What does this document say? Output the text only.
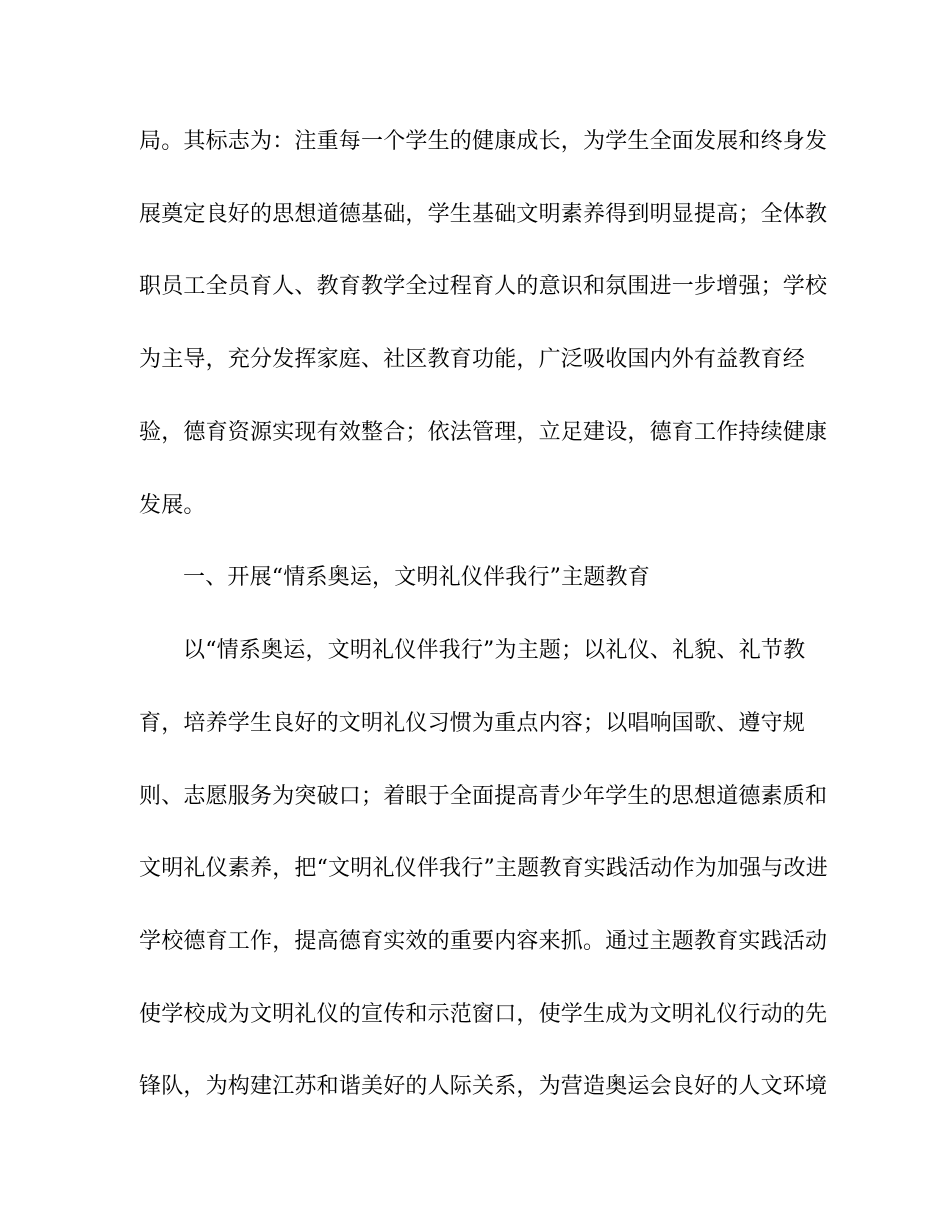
局。其标志为：注重每一个学生的健康成长，为学生全面发展和终身发
展奠定良好的思想道德基础，学生基础文明素养得到明显提高；全体教
职员工全员育人、教育教学全过程育人的意识和氛围进一步增强；学校
为主导，充分发挥家庭、社区教育功能，广泛吸收国内外有益教育经
验，德育资源实现有效整合；依法管理，立足建设，德育工作持续健康
发展。
一、开展“情系奥运，文明礼仪伴我行”主题教育
以“情系奥运，文明礼仪伴我行”为主题；以礼仪、礼貌、礼节教
育，培养学生良好的文明礼仪习惯为重点内容；以唱响国歌、遵守规
则、志愿服务为突破口；着眼于全面提高青少年学生的思想道德素质和
文明礼仪素养，把“文明礼仪伴我行”主题教育实践活动作为加强与改进
学校德育工作，提高德育实效的重要内容来抓。通过主题教育实践活动
使学校成为文明礼仪的宣传和示范窗口，使学生成为文明礼仪行动的先
锋队，为构建江苏和谐美好的人际关系，为营造奥运会良好的人文环境
